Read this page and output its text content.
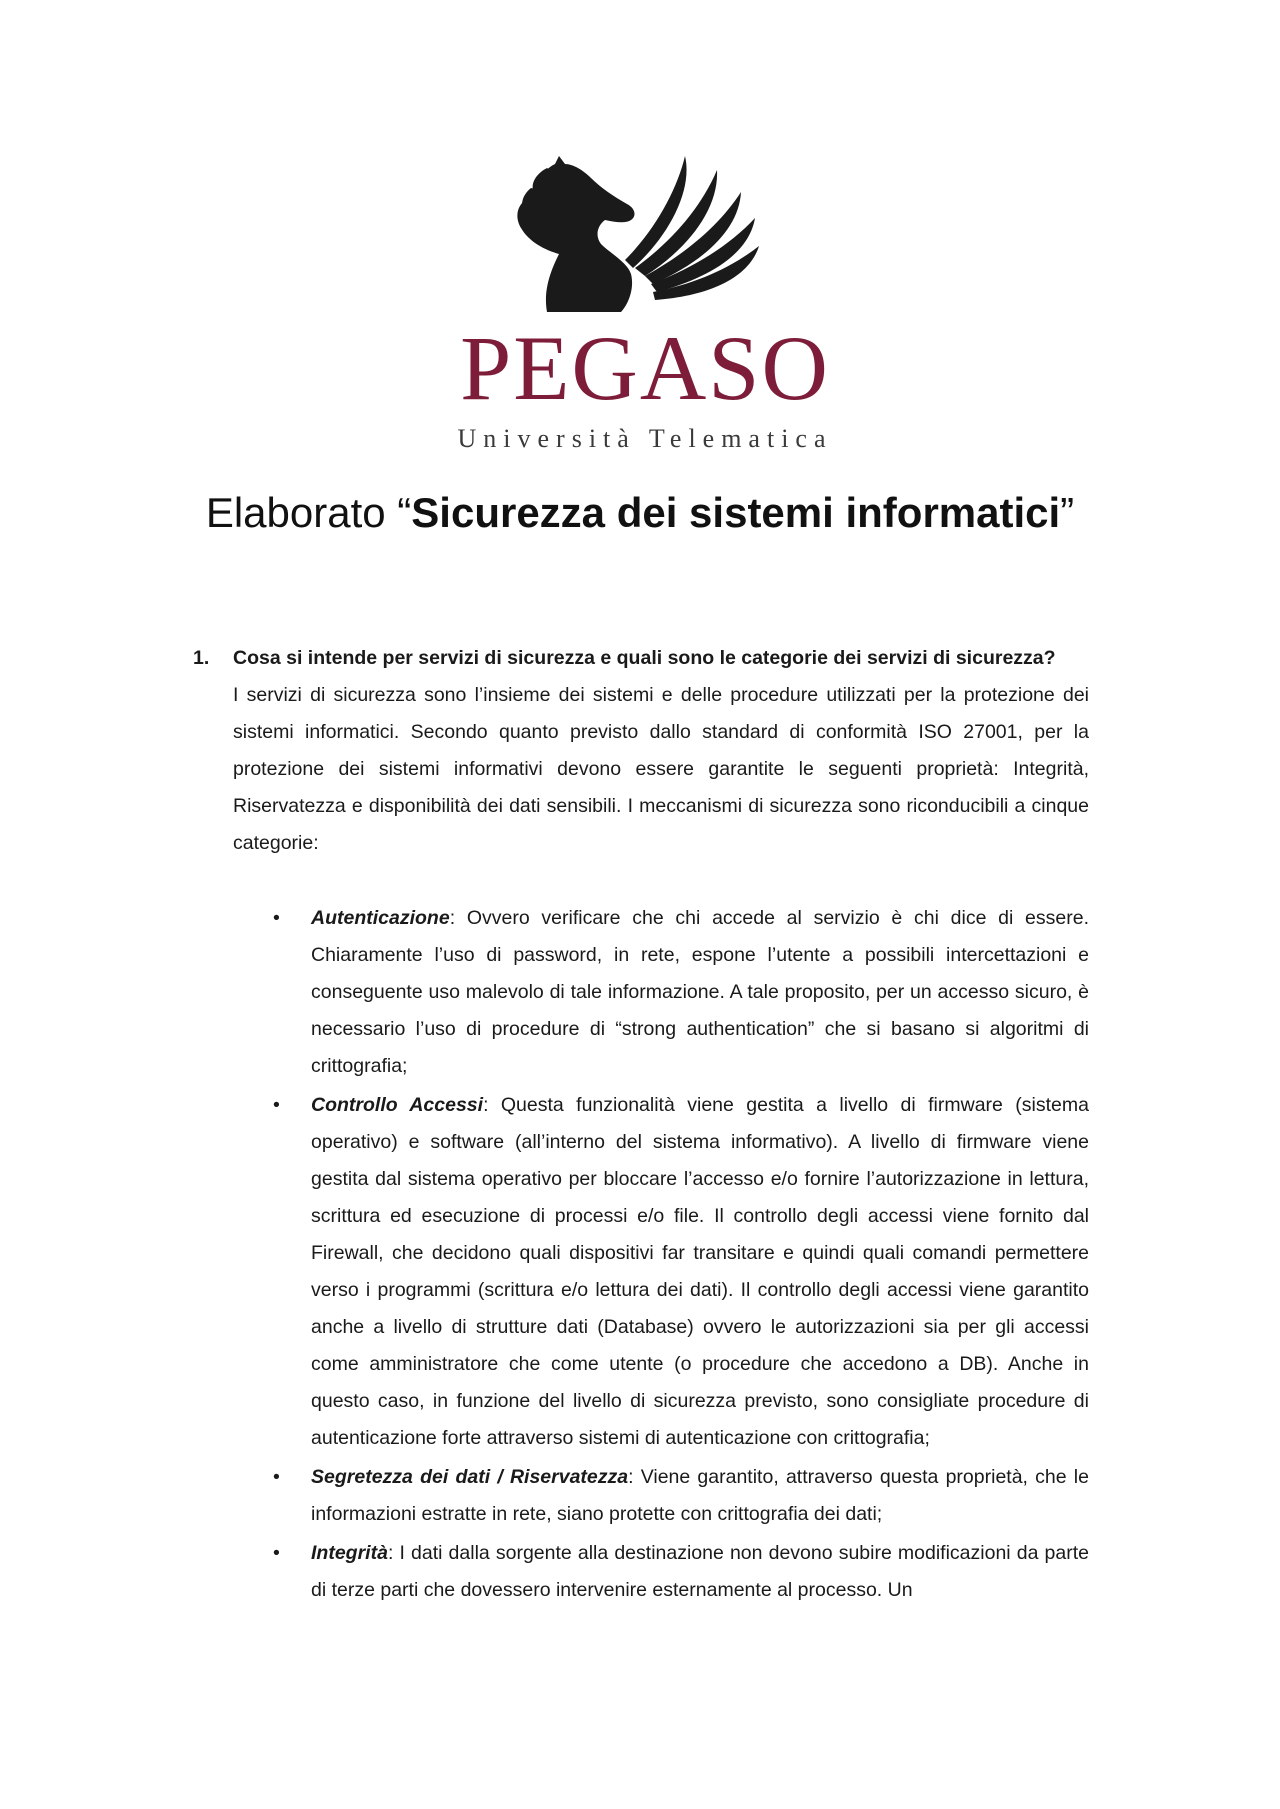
PEGASO
Università Telematica
Elaborato “Sicurezza dei sistemi informatici”
1.	Cosa si intende per servizi di sicurezza e quali sono le categorie dei servizi di sicurezza?
I servizi di sicurezza sono l’insieme dei sistemi e delle procedure utilizzati per la protezione dei sistemi informatici. Secondo quanto previsto dallo standard di conformità ISO 27001, per la protezione dei sistemi informativi devono essere garantite le seguenti proprietà: Integrità, Riservatezza e disponibilità dei dati sensibili. I meccanismi di sicurezza sono riconducibili a cinque categorie:
• Autenticazione: Ovvero verificare che chi accede al servizio è chi dice di essere. Chiaramente l’uso di password, in rete, espone l’utente a possibili intercettazioni e conseguente uso malevolo di tale informazione. A tale proposito, per un accesso sicuro, è necessario l’uso di procedure di “strong authentication” che si basano si algoritmi di crittografia;
• Controllo Accessi: Questa funzionalità viene gestita a livello di firmware (sistema operativo) e software (all’interno del sistema informativo). A livello di firmware viene gestita dal sistema operativo per bloccare l’accesso e/o fornire l’autorizzazione in lettura, scrittura ed esecuzione di processi e/o file. Il controllo degli accessi viene fornito dal Firewall, che decidono quali dispositivi far transitare e quindi quali comandi permettere verso i programmi (scrittura e/o lettura dei dati). Il controllo degli accessi viene garantito anche a livello di strutture dati (Database) ovvero le autorizzazioni sia per gli accessi come amministratore che come utente (o procedure che accedono a DB). Anche in questo caso, in funzione del livello di sicurezza previsto, sono consigliate procedure di autenticazione forte attraverso sistemi di autenticazione con crittografia;
• Segretezza dei dati / Riservatezza: Viene garantito, attraverso questa proprietà, che le informazioni estratte in rete, siano protette con crittografia dei dati;
• Integrità: I dati dalla sorgente alla destinazione non devono subire modificazioni da parte di terze parti che dovessero intervenire esternamente al processo. Un
